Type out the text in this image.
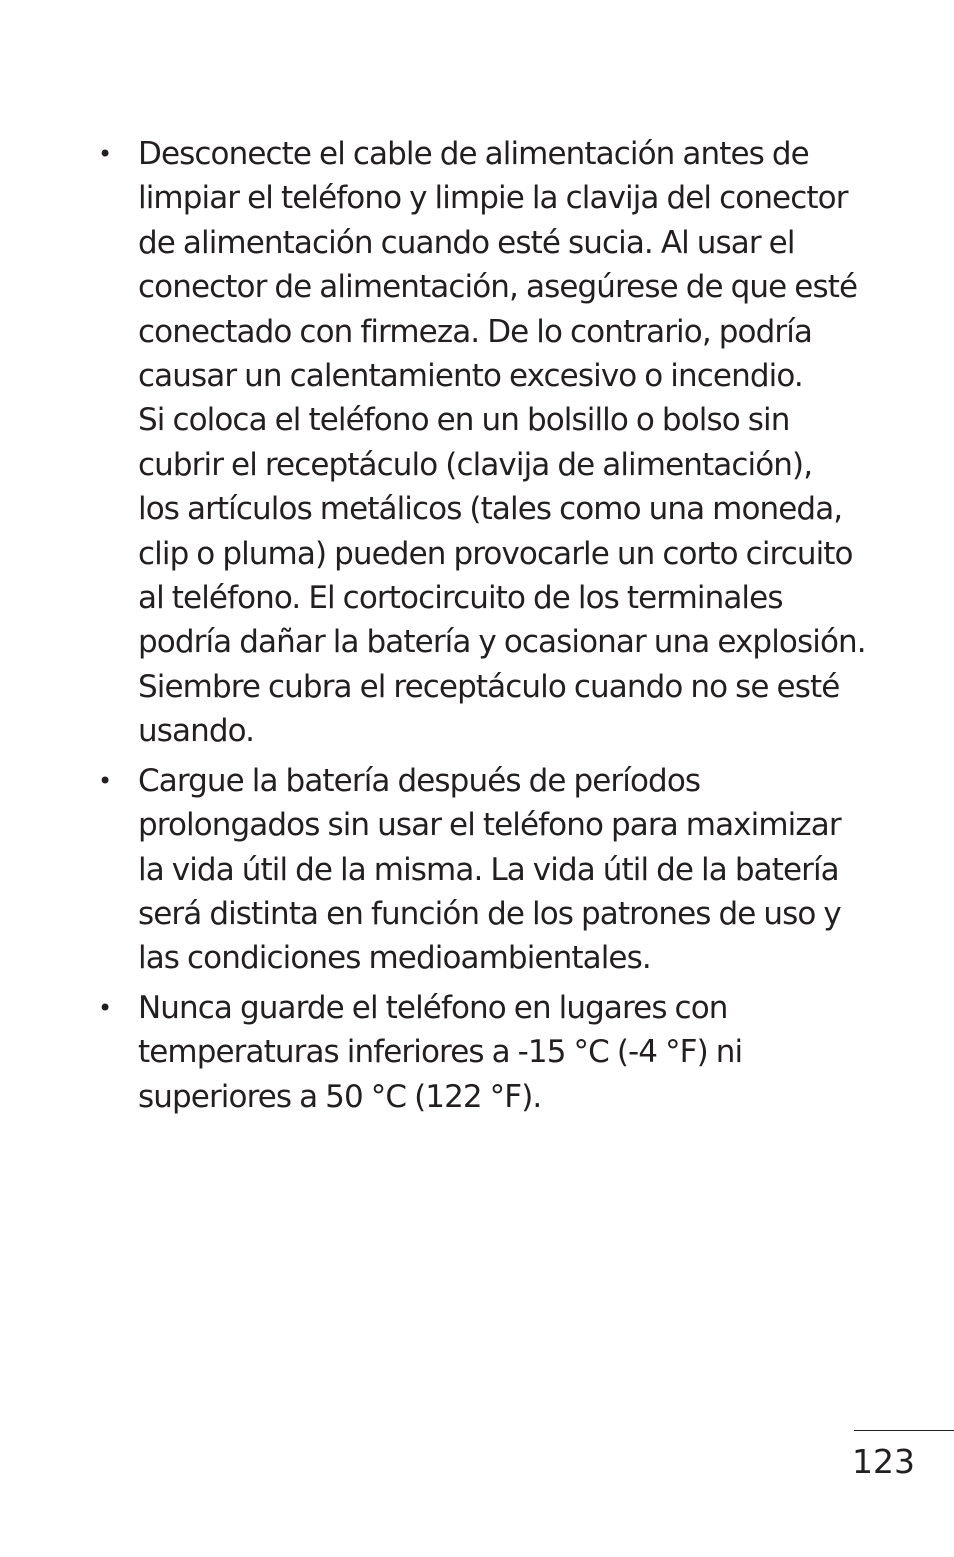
• Desconecte el cable de alimentación antes de
limpiar el teléfono y limpie la clavija del conector
de alimentación cuando esté sucia. Al usar el
conector de alimentación, asegúrese de que esté
conectado con firmeza. De lo contrario, podría
causar un calentamiento excesivo o incendio.
Si coloca el teléfono en un bolsillo o bolso sin
cubrir el receptáculo (clavija de alimentación),
los artículos metálicos (tales como una moneda,
clip o pluma) pueden provocarle un corto circuito
al teléfono. El cortocircuito de los terminales
podría dañar la batería y ocasionar una explosión.
Siembre cubra el receptáculo cuando no se esté
usando.
• Cargue la batería después de períodos
prolongados sin usar el teléfono para maximizar
la vida útil de la misma. La vida útil de la batería
será distinta en función de los patrones de uso y
las condiciones medioambientales.
• Nunca guarde el teléfono en lugares con
temperaturas inferiores a -15 °C (-4 °F) ni
superiores a 50 °C (122 °F).
123
